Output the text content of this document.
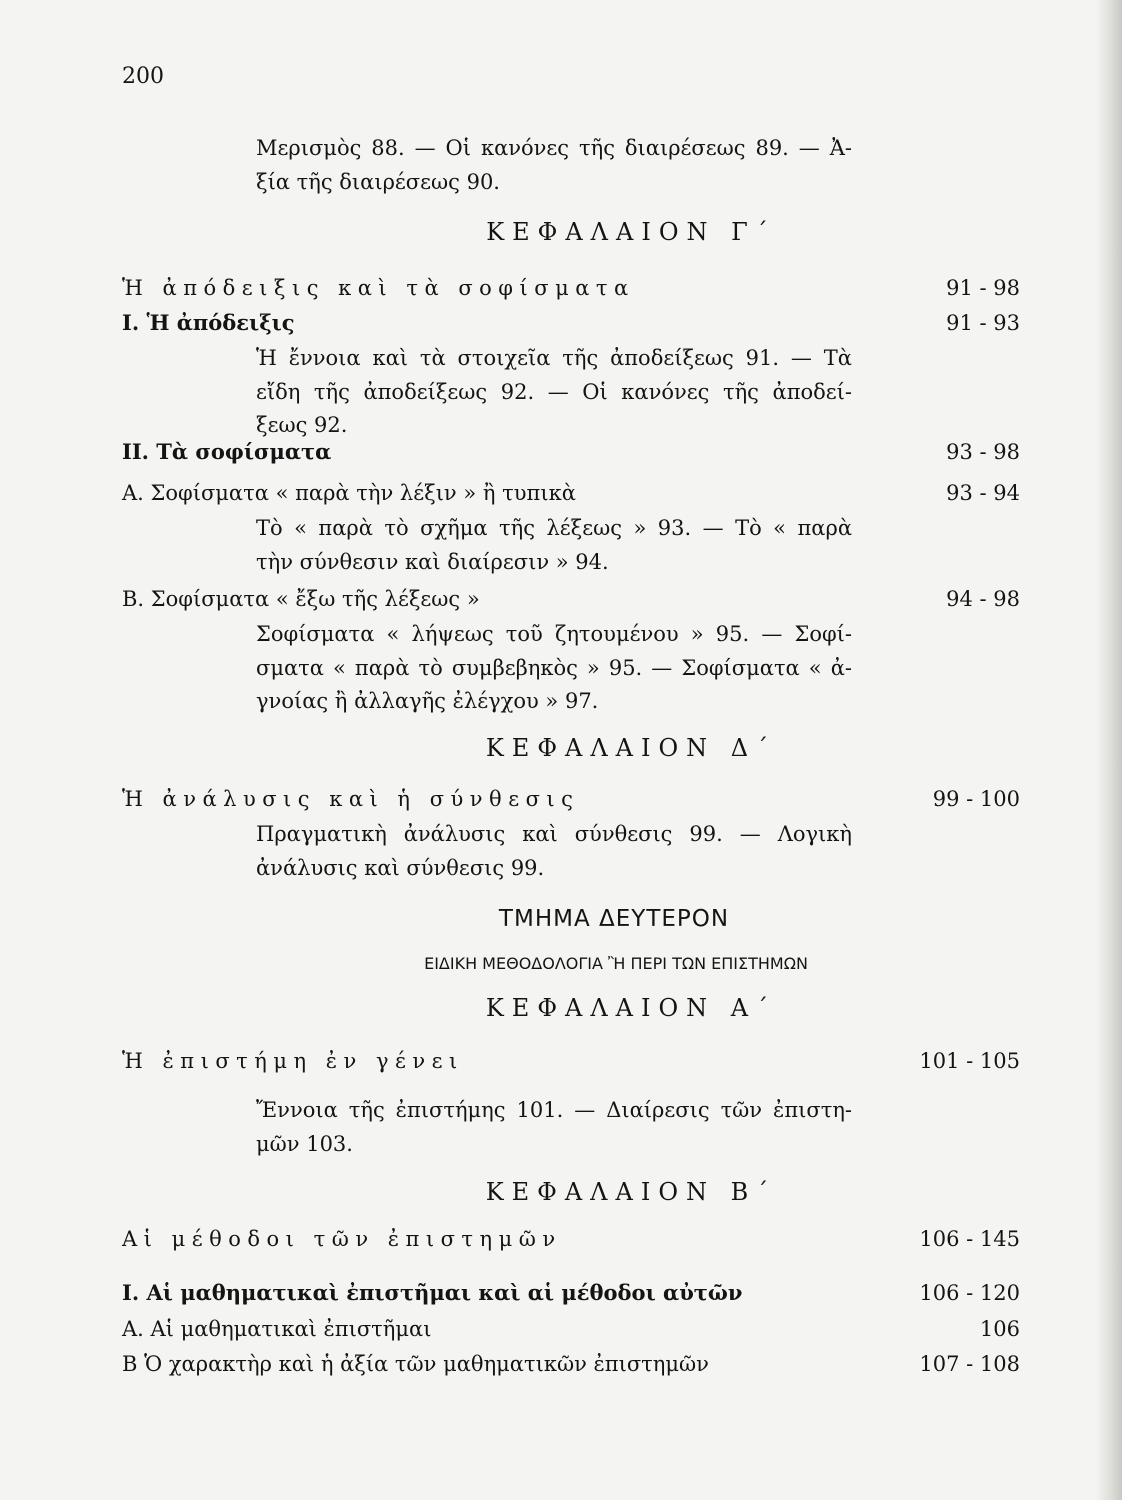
200
Μερισμὸς 88. — Οἱ κανόνες τῆς διαιρέσεως 89. — Ἀ-
ξία τῆς διαιρέσεως 90.
ΚΕΦΑΛΑΙΟΝ Γ΄
Ἡ ἀπόδειξις καὶ τὰ σοφίσματα	91 - 98
I. Ἡ ἀπόδειξις	91 - 93
Ἡ ἔννοια καὶ τὰ στοιχεῖα τῆς ἀποδείξεως 91. — Τὰ
εἴδη τῆς ἀποδείξεως 92. — Οἱ κανόνες τῆς ἀποδεί-
ξεως 92.
II. Τὰ σοφίσματα	93 - 98
Α. Σοφίσματα « παρὰ τὴν λέξιν » ἢ τυπικὰ	93 - 94
Τὸ « παρὰ τὸ σχῆμα τῆς λέξεως » 93. — Τὸ « παρὰ
τὴν σύνθεσιν καὶ διαίρεσιν » 94.
Β. Σοφίσματα « ἔξω τῆς λέξεως »	94 - 98
Σοφίσματα « λήψεως τοῦ ζητουμένου » 95. — Σοφί-
σματα « παρὰ τὸ συμβεβηκὸς » 95. — Σοφίσματα « ἀ-
γνοίας ἢ ἀλλαγῆς ἐλέγχου » 97.
ΚΕΦΑΛΑΙΟΝ Δ΄
Ἡ ἀνάλυσις καὶ ἡ σύνθεσις	99 - 100
Πραγματικὴ ἀνάλυσις καὶ σύνθεσις 99. — Λογικὴ
ἀνάλυσις καὶ σύνθεσις 99.
ΤΜΗΜΑ ΔΕΥΤΕΡΟΝ
ΕΙΔΙΚΗ ΜΕΘΟΔΟΛΟΓΙΑ Ἢ ΠΕΡΙ ΤΩΝ ΕΠΙΣΤΗΜΩΝ
ΚΕΦΑΛΑΙΟΝ Α΄
Ἡ ἐπιστήμη ἐν γένει	101 - 105
Ἔννοια τῆς ἐπιστήμης 101. — Διαίρεσις τῶν ἐπιστη-
μῶν 103.
ΚΕΦΑΛΑΙΟΝ Β΄
Αἱ μέθοδοι τῶν ἐπιστημῶν	106 - 145
I. Αἱ μαθηματικαὶ ἐπιστῆμαι καὶ αἱ μέθοδοι αὐτῶν	106 - 120
Α. Αἱ μαθηματικαὶ ἐπιστῆμαι	106
Β Ὁ χαρακτὴρ καὶ ἡ ἀξία τῶν μαθηματικῶν ἐπιστημῶν	107 - 108
